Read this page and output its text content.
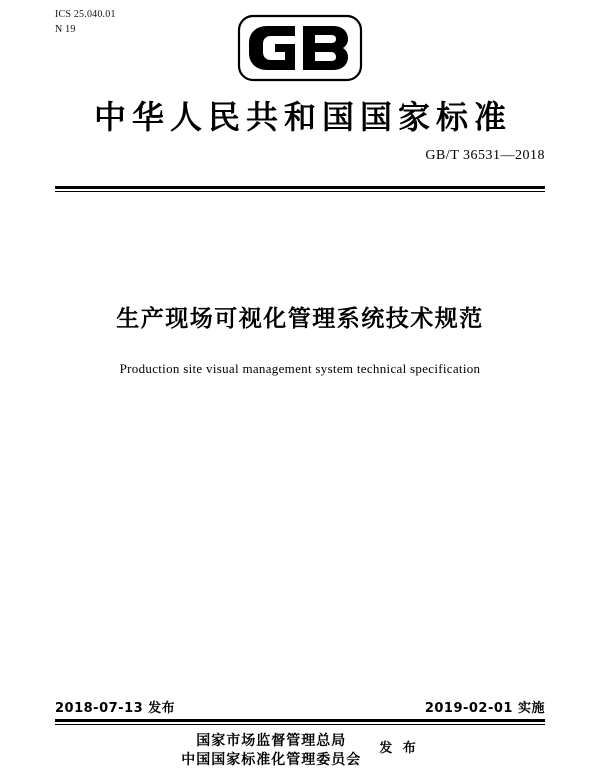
ICS 25.040.01
N 19
中华人民共和国国家标准
GB/T 36531—2018
生产现场可视化管理系统技术规范
Production site visual management system technical specification
2018-07-13 发布	2019-02-01 实施
国家市场监督管理总局
中国国家标准化管理委员会
发 布
